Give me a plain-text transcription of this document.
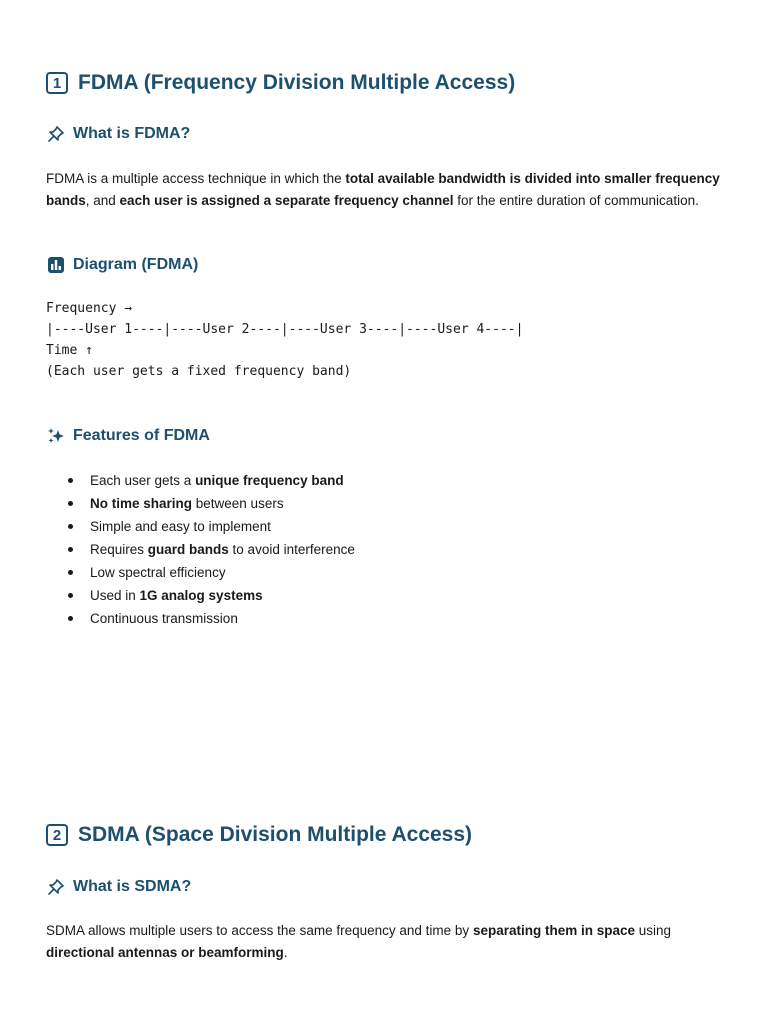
1 FDMA (Frequency Division Multiple Access)
What is FDMA?
FDMA is a multiple access technique in which the total available bandwidth is divided into smaller frequency bands, and each user is assigned a separate frequency channel for the entire duration of communication.
Diagram (FDMA)
Frequency →
|----User 1----|----User 2----|----User 3----|----User 4----|
Time ↑
(Each user gets a fixed frequency band)
Features of FDMA
Each user gets a unique frequency band
No time sharing between users
Simple and easy to implement
Requires guard bands to avoid interference
Low spectral efficiency
Used in 1G analog systems
Continuous transmission
2 SDMA (Space Division Multiple Access)
What is SDMA?
SDMA allows multiple users to access the same frequency and time by separating them in space using directional antennas or beamforming.
